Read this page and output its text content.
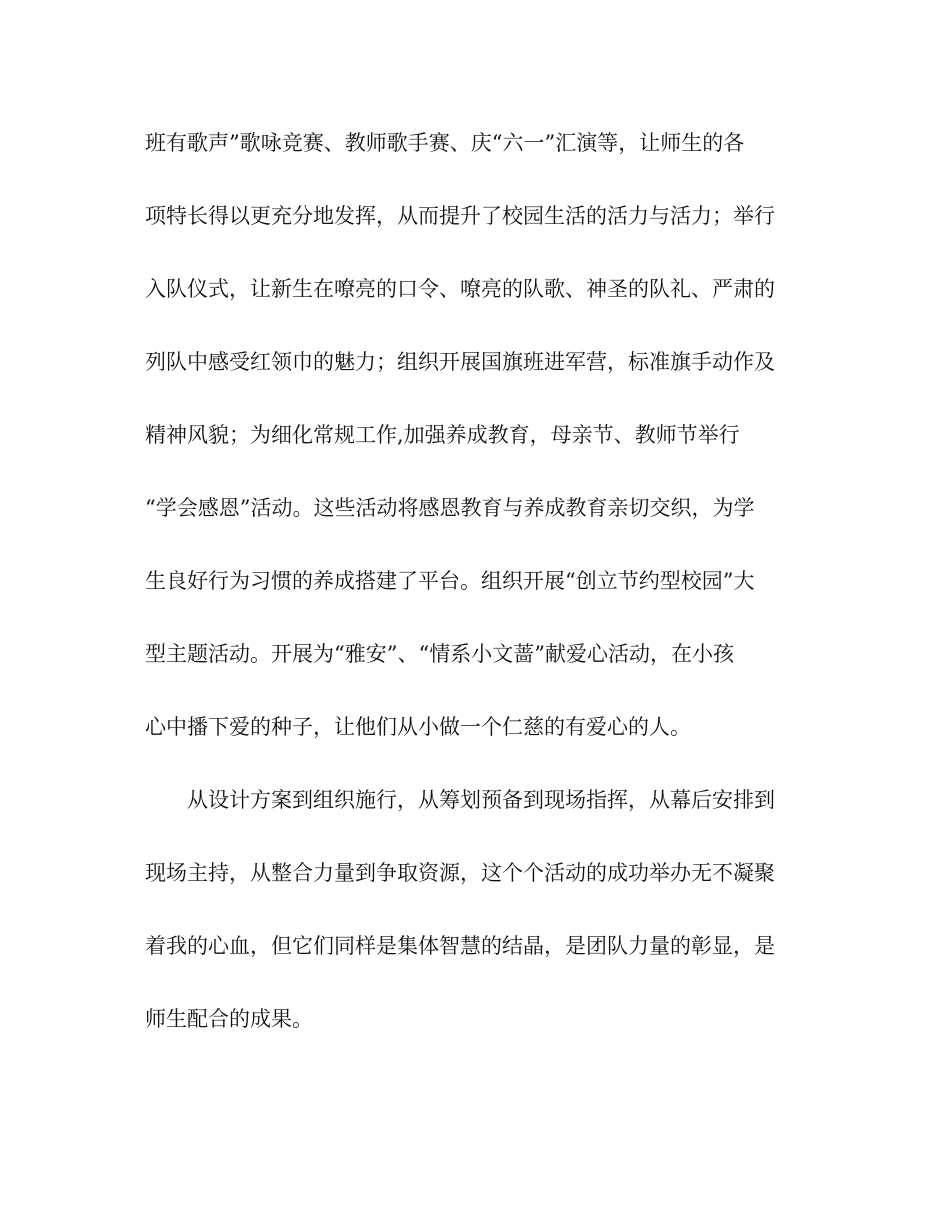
班有歌声”歌咏竞赛、教师歌手赛、庆“六一”汇演等，让师生的各
项特长得以更充分地发挥，从而提升了校园生活的活力与活力；举行
入队仪式，让新生在嘹亮的口令、嘹亮的队歌、神圣的队礼、严肃的
列队中感受红领巾的魅力；组织开展国旗班进军营，标准旗手动作及
精神风貌；为细化常规工作,加强养成教育，母亲节、教师节举行
“学会感恩”活动。这些活动将感恩教育与养成教育亲切交织，为学
生良好行为习惯的养成搭建了平台。组织开展“创立节约型校园”大
型主题活动。开展为“雅安”、“情系小文蔷”献爱心活动，在小孩
心中播下爱的种子，让他们从小做一个仁慈的有爱心的人。
从设计方案到组织施行，从筹划预备到现场指挥，从幕后安排到
现场主持，从整合力量到争取资源，这个个活动的成功举办无不凝聚
着我的心血，但它们同样是集体智慧的结晶，是团队力量的彰显，是
师生配合的成果。
